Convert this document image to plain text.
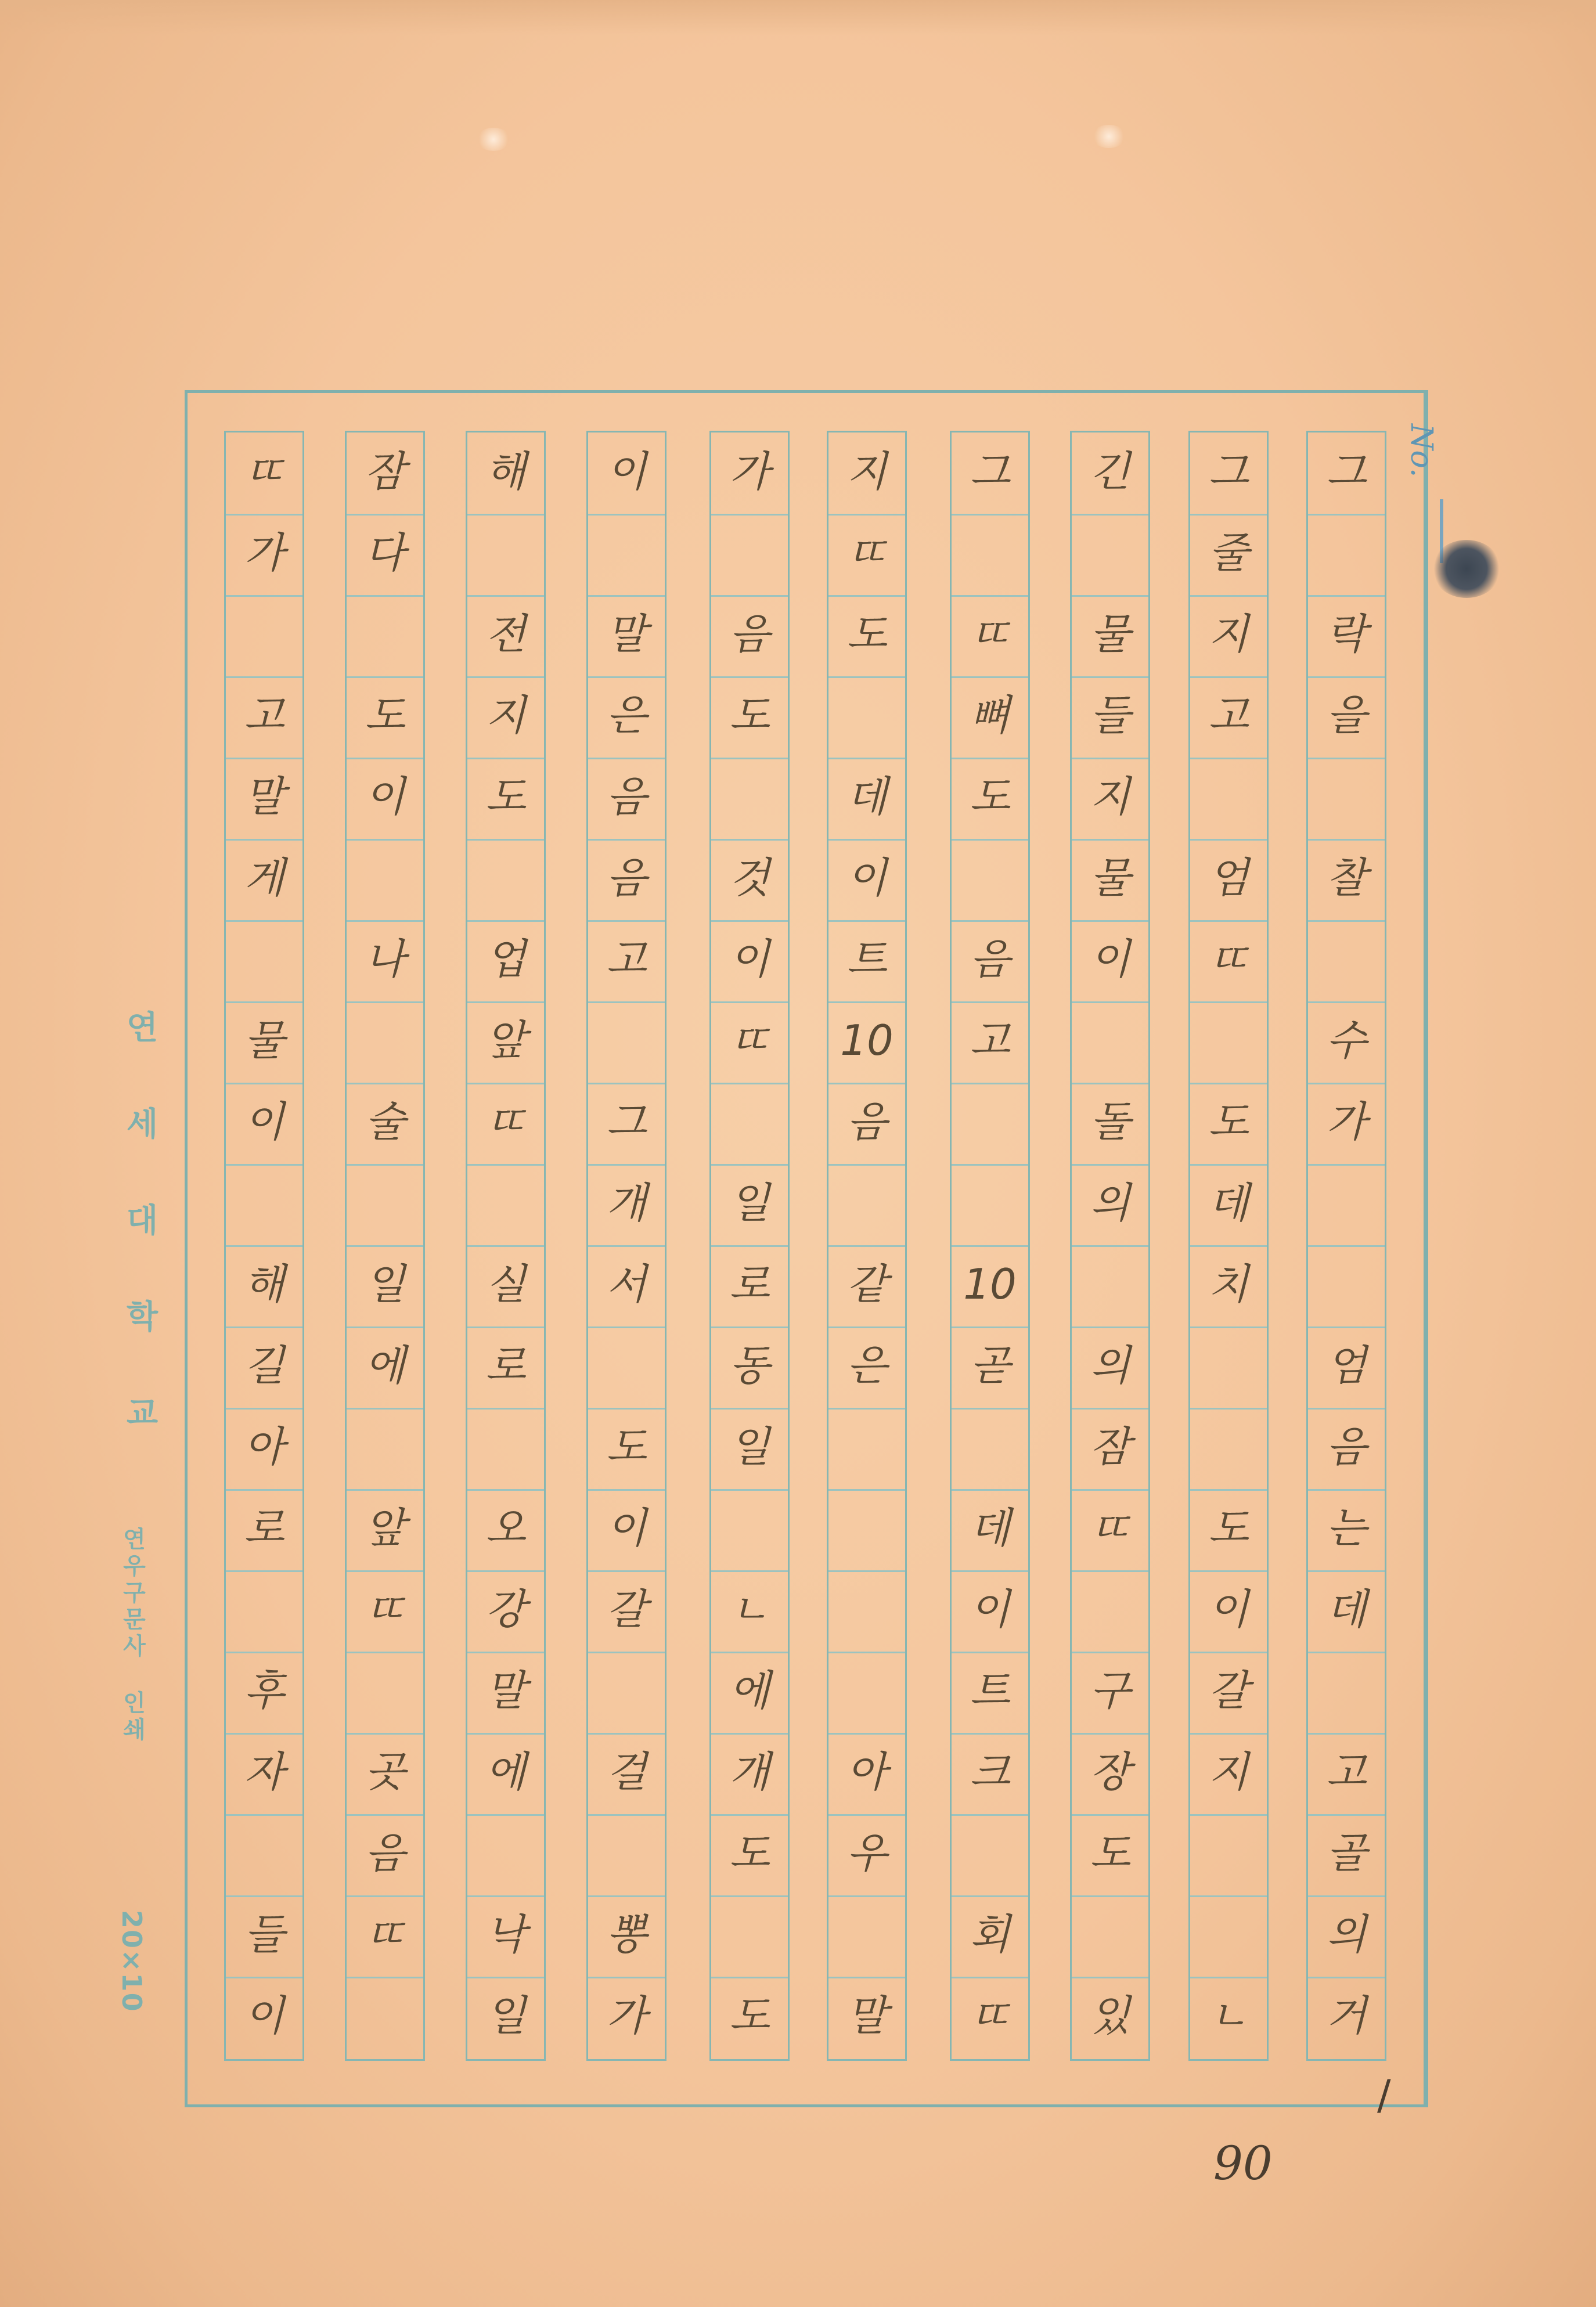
그
락
을
찰
수
가
엄
음
는
데
고
골
의
거
그
줄
지
고
엄
ㄸ
도
데
치
도
이
갈
지
ㄴ
긴
물
들
지
물
이
돌
의
의
잠
ㄸ
구
장
도
있
그
ㄸ
뼈
도
음
고
10
곧
데
이
트
크
회
ㄸ
지
ㄸ
도
데
이
트
10
음
같
은
아
우
말
가
음
도
것
이
ㄸ
일
로
동
일
ㄴ
에
개
도
도
이
말
은
음
음
고
그
개
서
도
이
갈
걸
뽕
가
해
전
지
도
업
앞
ㄸ
실
로
오
강
말
에
낙
일
잠
다
도
이
나
술
일
에
앞
ㄸ
곳
음
ㄸ
ㄸ
가
고
말
게
물
이
해
길
아
로
후
자
들
이
연세대학교
연우구문사 인쇄
20×10
No.
90
/
